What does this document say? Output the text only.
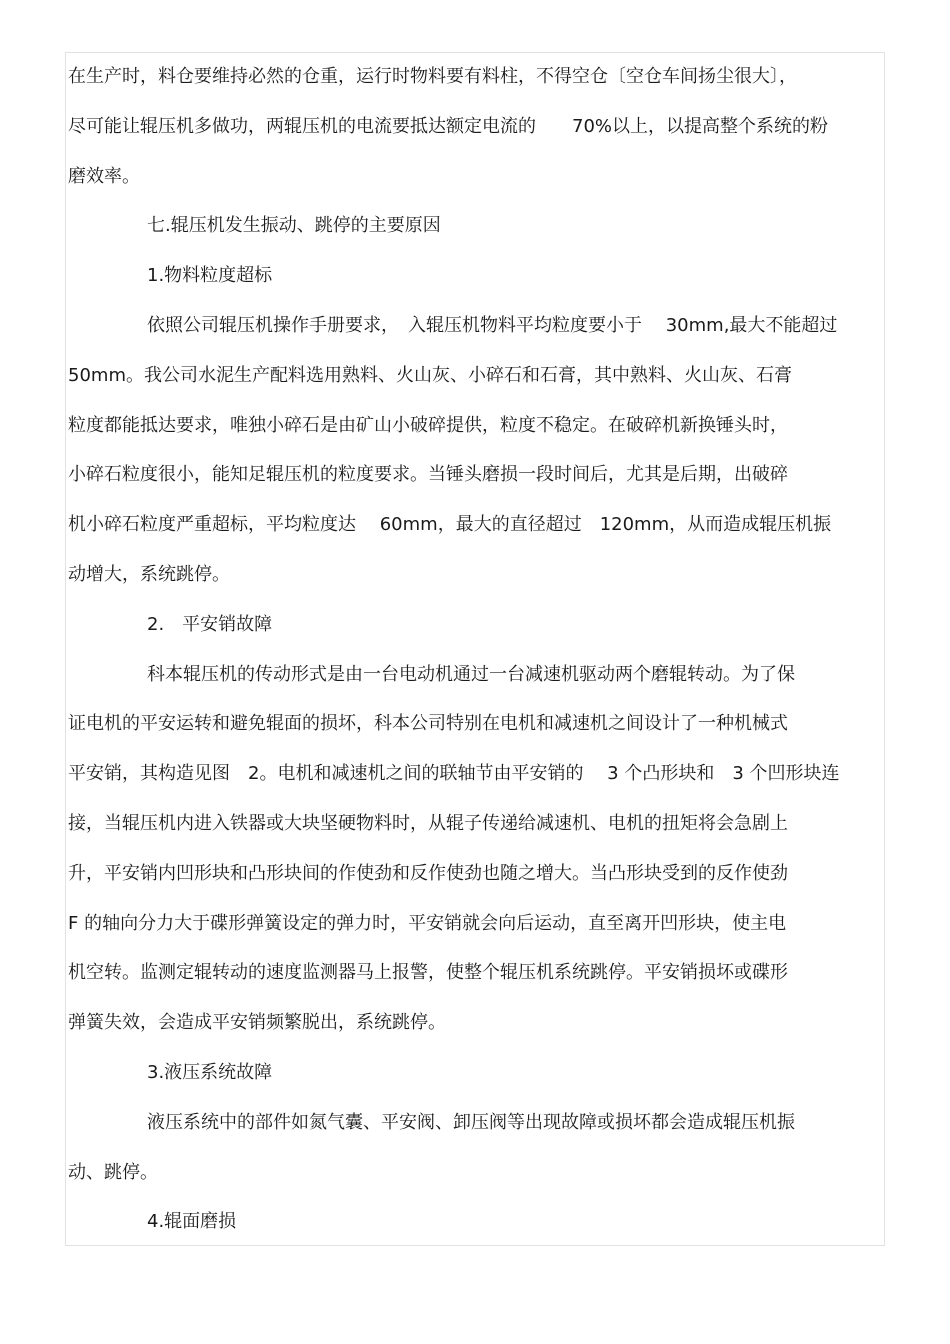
在生产时，料仓要维持必然的仓重，运行时物料要有料柱，不得空仓〔空仓车间扬尘很大〕，
尽可能让辊压机多做功，两辊压机的电流要抵达额定电流的　　70%以上，以提高整个系统的粉
磨效率。
七.辊压机发生振动、跳停的主要原因
1.物料粒度超标
依照公司辊压机操作手册要求，　入辊压机物料平均粒度要小于　 30mm,最大不能超过
50mm。我公司水泥生产配料选用熟料、火山灰、小碎石和石膏，其中熟料、火山灰、石膏
粒度都能抵达要求，唯独小碎石是由矿山小破碎提供，粒度不稳定。在破碎机新换锤头时，
小碎石粒度很小，能知足辊压机的粒度要求。当锤头磨损一段时间后，尤其是后期，出破碎
机小碎石粒度严重超标，平均粒度达　 60mm，最大的直径超过　120mm，从而造成辊压机振
动增大，系统跳停。
2.　平安销故障
科本辊压机的传动形式是由一台电动机通过一台减速机驱动两个磨辊转动。为了保
证电机的平安运转和避免辊面的损坏，科本公司特别在电机和减速机之间设计了一种机械式
平安销，其构造见图　2。电机和减速机之间的联轴节由平安销的　 3 个凸形块和　3 个凹形块连
接，当辊压机内进入铁器或大块坚硬物料时，从辊子传递给减速机、电机的扭矩将会急剧上
升，平安销内凹形块和凸形块间的作使劲和反作使劲也随之增大。当凸形块受到的反作使劲
F 的轴向分力大于碟形弹簧设定的弹力时，平安销就会向后运动，直至离开凹形块，使主电
机空转。监测定辊转动的速度监测器马上报警，使整个辊压机系统跳停。平安销损坏或碟形
弹簧失效，会造成平安销频繁脱出，系统跳停。
3.液压系统故障
液压系统中的部件如氮气囊、平安阀、卸压阀等出现故障或损坏都会造成辊压机振
动、跳停。
4.辊面磨损
